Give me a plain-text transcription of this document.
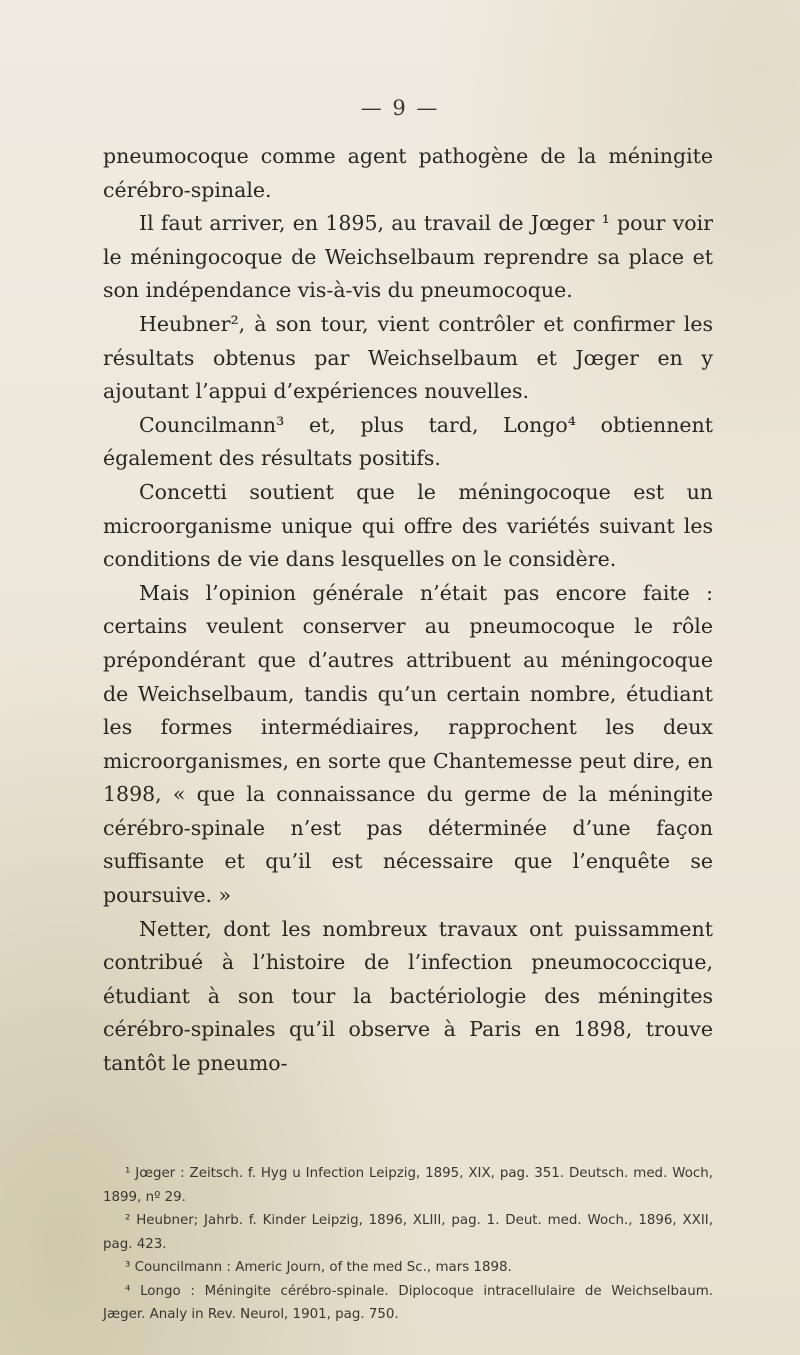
— 9 —

pneumocoque comme agent pathogène de la méningite cérébro-spinale.

Il faut arriver, en 1895, au travail de Jœger ¹ pour voir le méningocoque de Weichselbaum reprendre sa place et son indépendance vis-à-vis du pneumocoque.

Heubner², à son tour, vient contrôler et confirmer les résultats obtenus par Weichselbaum et Jœger en y ajoutant l’appui d’expériences nouvelles.

Councilmann³ et, plus tard, Longo⁴ obtiennent également des résultats positifs.

Concetti soutient que le méningocoque est un microorganisme unique qui offre des variétés suivant les conditions de vie dans lesquelles on le considère.

Mais l’opinion générale n’était pas encore faite : certains veulent conserver au pneumocoque le rôle prépondérant que d’autres attribuent au méningocoque de Weichselbaum, tandis qu’un certain nombre, étudiant les formes intermédiaires, rapprochent les deux microorganismes, en sorte que Chantemesse peut dire, en 1898, « que la connaissance du germe de la méningite cérébro-spinale n’est pas déterminée d’une façon suffisante et qu’il est nécessaire que l’enquête se poursuive. »

Netter, dont les nombreux travaux ont puissamment contribué à l’histoire de l’infection pneumococcique, étudiant à son tour la bactériologie des méningites cérébro-spinales qu’il observe à Paris en 1898, trouve tantôt le pneumo-

¹ Jœger : Zeitsch. f. Hyg u Infection Leipzig, 1895, XIX, pag. 351. Deutsch. med. Woch, 1899, nº 29.

² Heubner; Jahrb. f. Kinder Leipzig, 1896, XLIII, pag. 1. Deut. med. Woch., 1896, XXII, pag. 423.

³ Councilmann : Americ Journ, of the med Sc., mars 1898.

⁴ Longo : Méningite cérébro-spinale. Diplocoque intracellulaire de Weichselbaum. Jæger. Analy in Rev. Neurol, 1901, pag. 750.
